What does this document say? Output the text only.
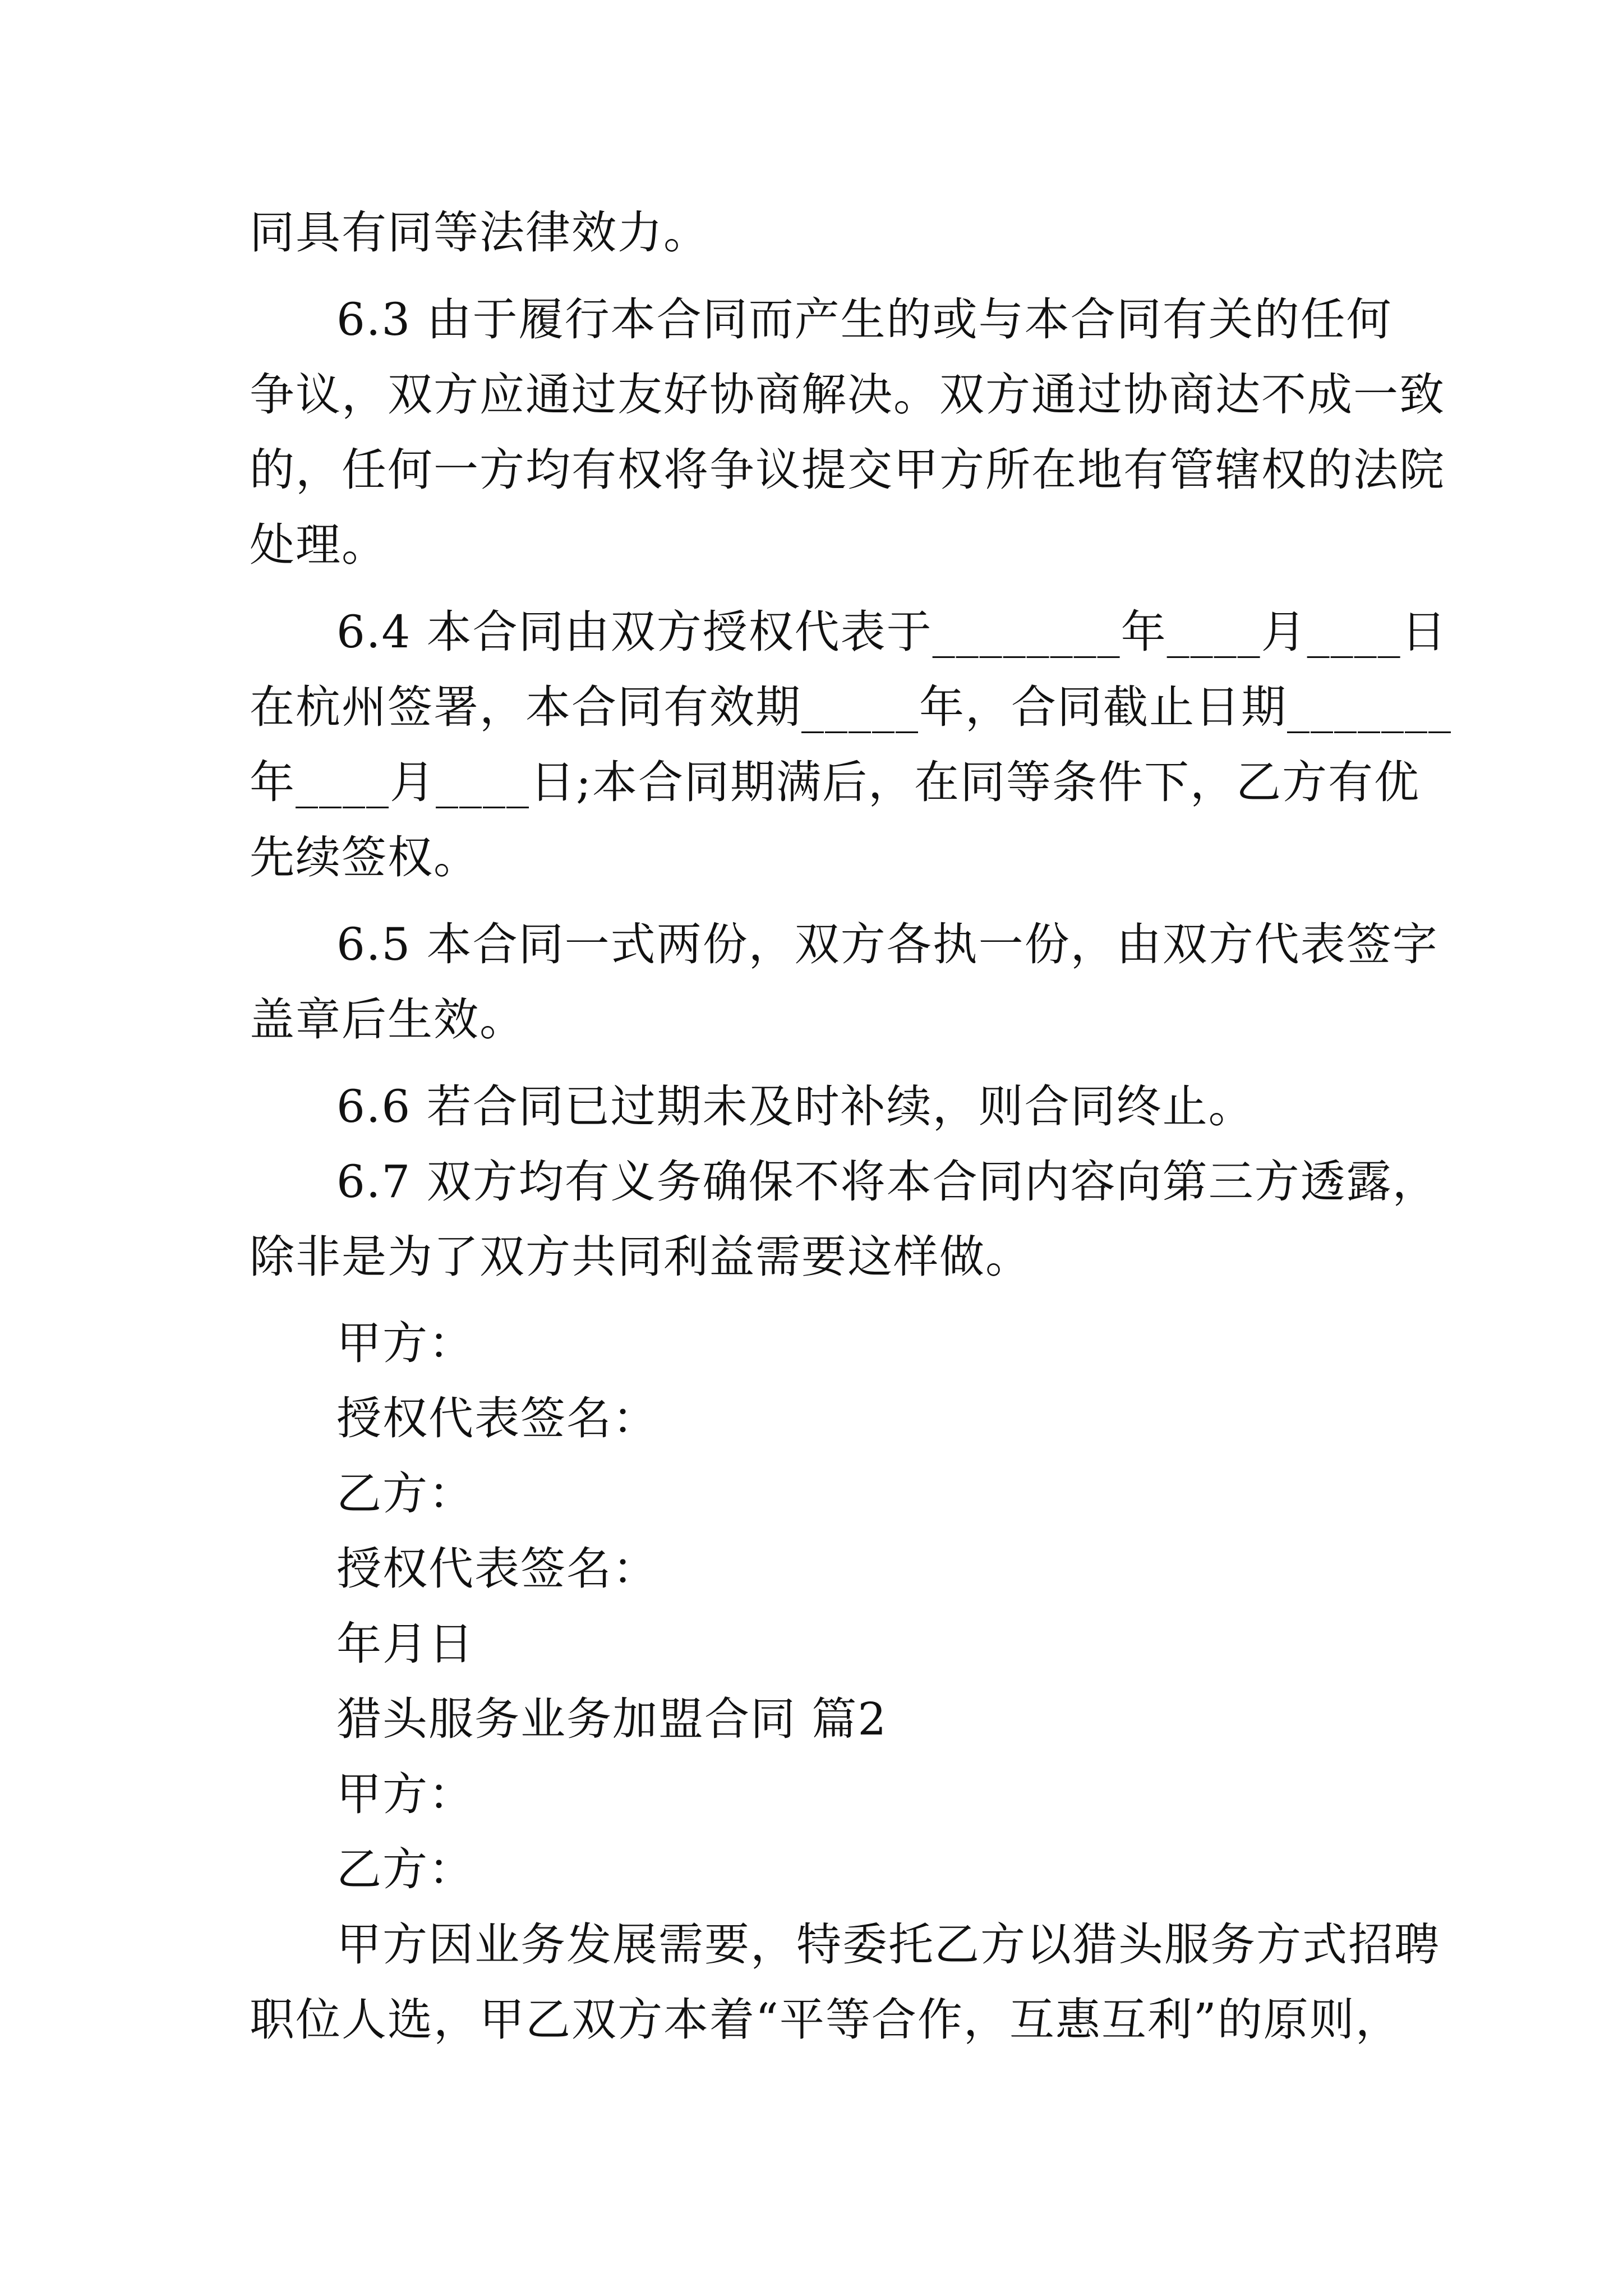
同具有同等法律效力。
6.3 由于履行本合同而产生的或与本合同有关的任何
争议，双方应通过友好协商解决。双方通过协商达不成一致
的，任何一方均有权将争议提交甲方所在地有管辖权的法院
处理。
6.4 本合同由双方授权代表于________年____月____日
在杭州签署，本合同有效期_____年，合同截止日期_______
年____月____日;本合同期满后，在同等条件下，乙方有优
先续签权。
6.5 本合同一式两份，双方各执一份，由双方代表签字
盖章后生效。
6.6 若合同已过期未及时补续，则合同终止。
6.7 双方均有义务确保不将本合同内容向第三方透露，
除非是为了双方共同利益需要这样做。
甲方：
授权代表签名：
乙方：
授权代表签名：
年月日
猎头服务业务加盟合同 篇2
甲方：
乙方：
甲方因业务发展需要，特委托乙方以猎头服务方式招聘
职位人选，甲乙双方本着“平等合作，互惠互利”的原则，
